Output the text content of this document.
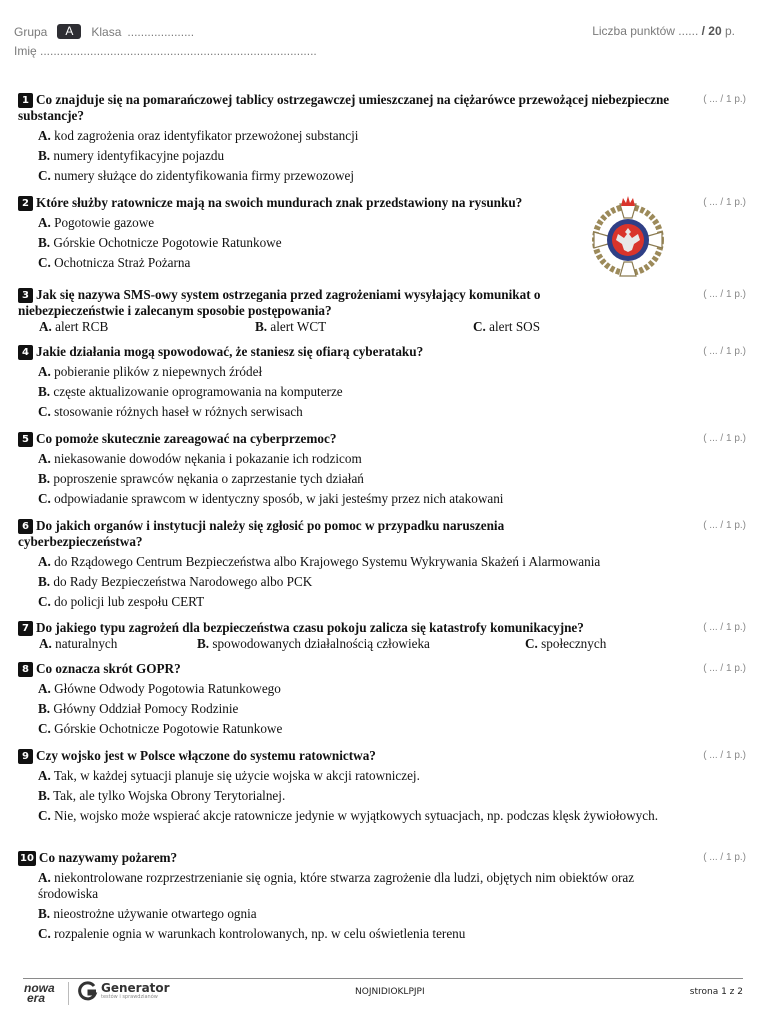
Grupa	A	Klasa ....................
Imię ...................................................................................
Liczba punktów ...... / 20 p.
1 Co znajduje się na pomarańczowej tablicy ostrzegawczej umieszczanej na ciężarówce przewożącej niebezpieczne substancje?
A. kod zagrożenia oraz identyfikator przewożonej substancji
B. numery identyfikacyjne pojazdu
C. numery służące do zidentyfikowania firmy przewozowej
( ... / 1 p.)
2 Które służby ratownicze mają na swoich mundurach znak przedstawiony na rysunku?
A. Pogotowie gazowe
B. Górskie Ochotnicze Pogotowie Ratunkowe
C. Ochotnicza Straż Pożarna
( ... / 1 p.)
3 Jak się nazywa SMS-owy system ostrzegania przed zagrożeniami wysyłający komunikat o niebezpieczeństwie i zalecanym sposobie postępowania?
A. alert RCB	B. alert WCT	C. alert SOS
( ... / 1 p.)
4 Jakie działania mogą spowodować, że staniesz się ofiarą cyberataku?
A. pobieranie plików z niepewnych źródeł
B. częste aktualizowanie oprogramowania na komputerze
C. stosowanie różnych haseł w różnych serwisach
( ... / 1 p.)
5 Co pomoże skutecznie zareagować na cyberprzemoc?
A. niekasowanie dowodów nękania i pokazanie ich rodzicom
B. poproszenie sprawców nękania o zaprzestanie tych działań
C. odpowiadanie sprawcom w identyczny sposób, w jaki jesteśmy przez nich atakowani
( ... / 1 p.)
6 Do jakich organów i instytucji należy się zgłosić po pomoc w przypadku naruszenia cyberbezpieczeństwa?
A. do Rządowego Centrum Bezpieczeństwa albo Krajowego Systemu Wykrywania Skażeń i Alarmowania
B. do Rady Bezpieczeństwa Narodowego albo PCK
C. do policji lub zespołu CERT
( ... / 1 p.)
7 Do jakiego typu zagrożeń dla bezpieczeństwa czasu pokoju zalicza się katastrofy komunikacyjne?
A. naturalnych	B. spowodowanych działalnością człowieka	C. społecznych
( ... / 1 p.)
8 Co oznacza skrót GOPR?
A. Główne Odwody Pogotowia Ratunkowego
B. Główny Oddział Pomocy Rodzinie
C. Górskie Ochotnicze Pogotowie Ratunkowe
( ... / 1 p.)
9 Czy wojsko jest w Polsce włączone do systemu ratownictwa?
A. Tak, w każdej sytuacji planuje się użycie wojska w akcji ratowniczej.
B. Tak, ale tylko Wojska Obrony Terytorialnej.
C. Nie, wojsko może wspierać akcje ratownicze jedynie w wyjątkowych sytuacjach, np. podczas klęsk żywiołowych.
( ... / 1 p.)
10 Co nazywamy pożarem?
A. niekontrolowane rozprzestrzenianie się ognia, które stwarza zagrożenie dla ludzi, objętych nim obiektów oraz środowiska
B. nieostrożne używanie otwartego ognia
C. rozpalenie ognia w warunkach kontrolowanych, np. w celu oświetlenia terenu
( ... / 1 p.)
nowa
era
Generator
testów i sprawdzianów	NOJNIDIOKLPJPI	strona 1 z 2
